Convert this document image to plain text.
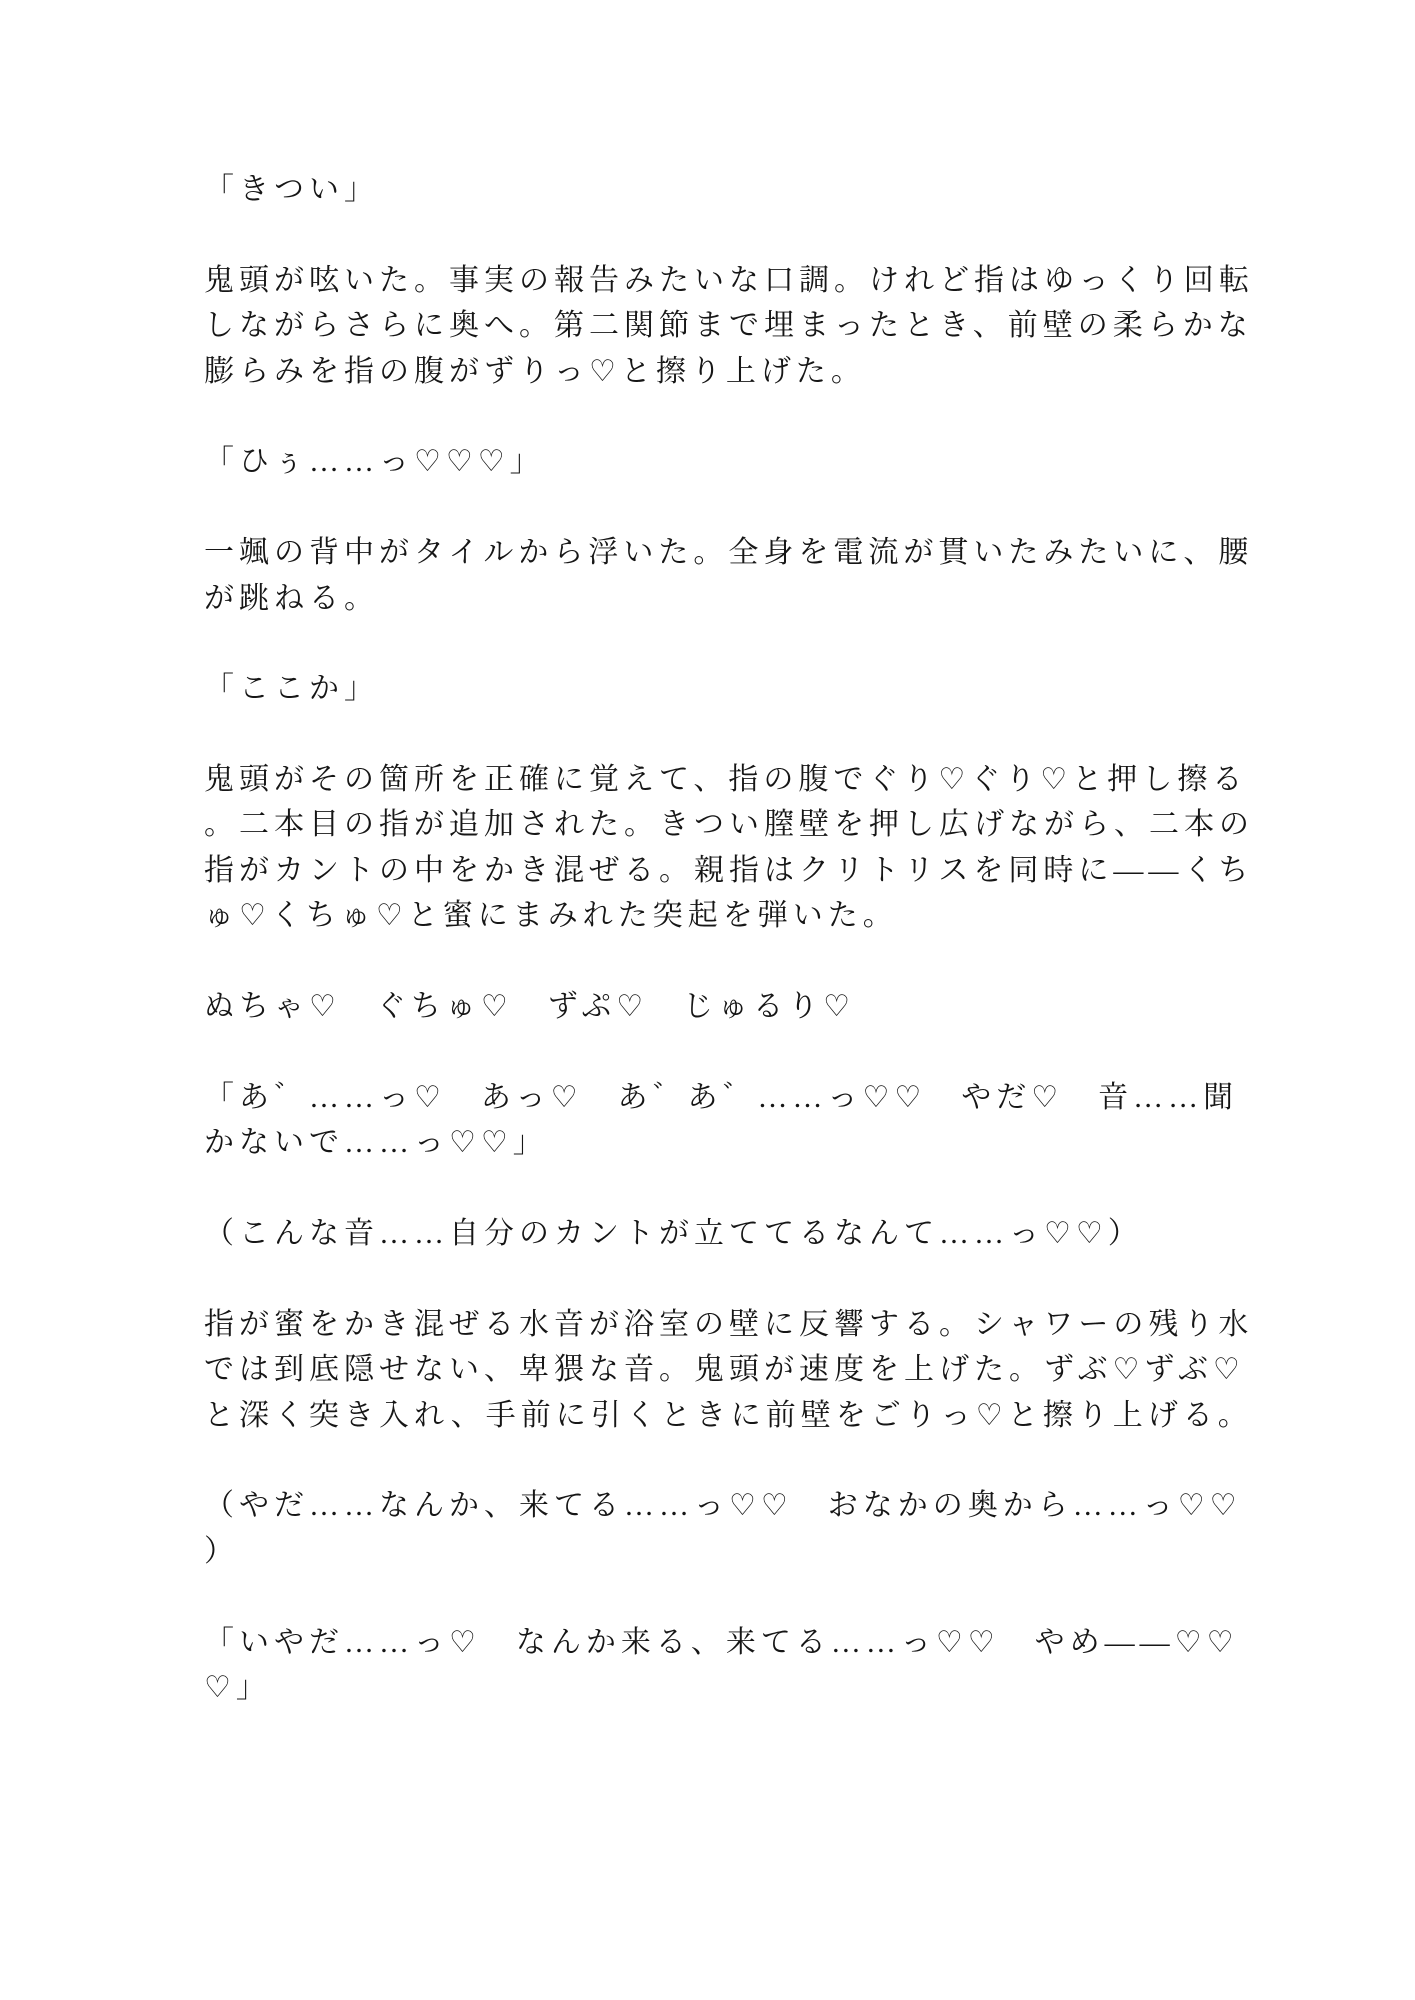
「きつい」

鬼頭が呟いた。事実の報告みたいな口調。けれど指はゆっくり回転
しながらさらに奥へ。第二関節まで埋まったとき、前壁の柔らかな
膨らみを指の腹がずりっ♡と擦り上げた。

「ひぅ……っ♡♡♡」

一颯の背中がタイルから浮いた。全身を電流が貫いたみたいに、腰
が跳ねる。

「ここか」

鬼頭がその箇所を正確に覚えて、指の腹でぐり♡ぐり♡と押し擦る
。二本目の指が追加された。きつい膣壁を押し広げながら、二本の
指がカントの中をかき混ぜる。親指はクリトリスを同時に——くち
ゅ♡くちゅ♡と蜜にまみれた突起を弾いた。

ぬちゃ♡　ぐちゅ♡　ずぷ♡　じゅるり♡

「あ゛……っ♡　あっ♡　あ゛あ゛……っ♡♡　やだ♡　音……聞
かないで……っ♡♡」

（こんな音……自分のカントが立ててるなんて……っ♡♡）

指が蜜をかき混ぜる水音が浴室の壁に反響する。シャワーの残り水
では到底隠せない、卑猥な音。鬼頭が速度を上げた。ずぶ♡ずぶ♡
と深く突き入れ、手前に引くときに前壁をごりっ♡と擦り上げる。

（やだ……なんか、来てる……っ♡♡　おなかの奥から……っ♡♡
）

「いやだ……っ♡　なんか来る、来てる……っ♡♡　やめ——♡♡
♡」
